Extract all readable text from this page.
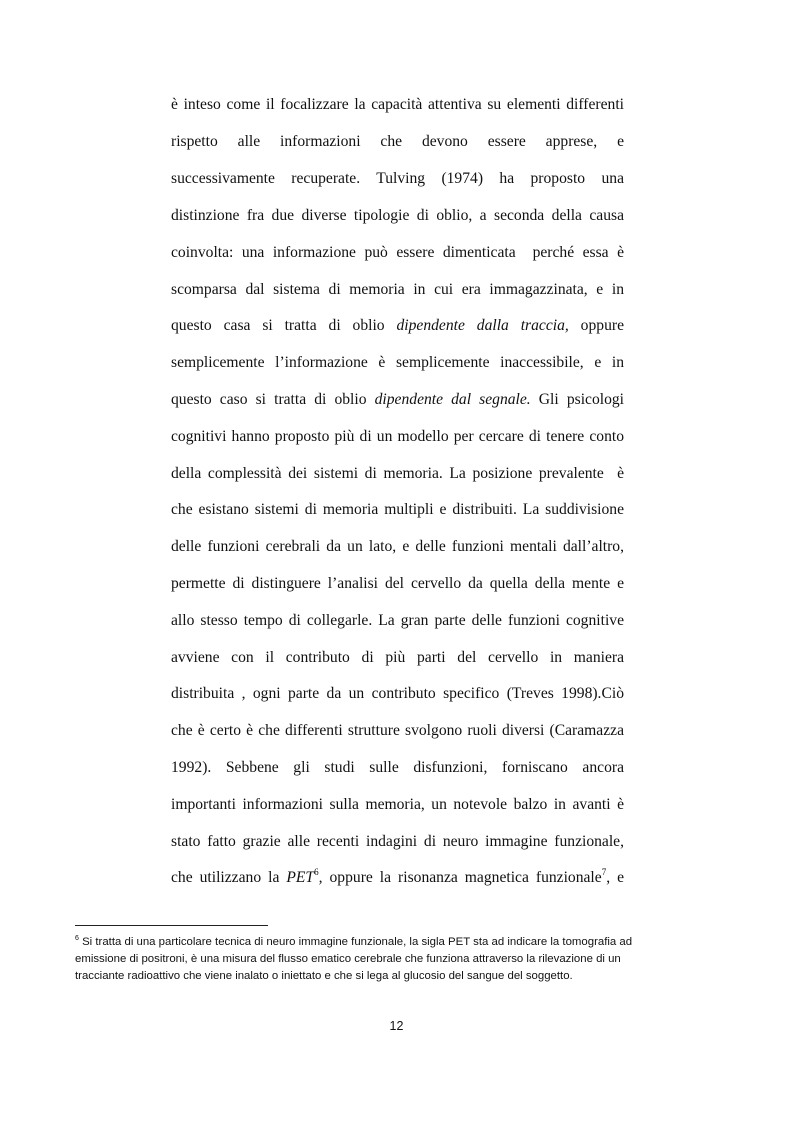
è inteso come il focalizzare la capacità attentiva su elementi differenti
rispetto alle informazioni che devono essere apprese, e
successivamente recuperate. Tulving (1974) ha proposto una
distinzione fra due diverse tipologie di oblio, a seconda della causa
coinvolta: una informazione può essere dimenticata  perché essa è
scomparsa dal sistema di memoria in cui era immagazzinata, e in
questo casa si tratta di oblio dipendente dalla traccia, oppure
semplicemente l’informazione è semplicemente inaccessibile, e in
questo caso si tratta di oblio dipendente dal segnale. Gli psicologi
cognitivi hanno proposto più di un modello per cercare di tenere conto
della complessità dei sistemi di memoria. La posizione prevalente  è
che esistano sistemi di memoria multipli e distribuiti. La suddivisione
delle funzioni cerebrali da un lato, e delle funzioni mentali dall’altro,
permette di distinguere l’analisi del cervello da quella della mente e
allo stesso tempo di collegarle. La gran parte delle funzioni cognitive
avviene con il contributo di più parti del cervello in maniera
distribuita , ogni parte da un contributo specifico (Treves 1998).Ciò
che è certo è che differenti strutture svolgono ruoli diversi (Caramazza
1992). Sebbene gli studi sulle disfunzioni, forniscano ancora
importanti informazioni sulla memoria, un notevole balzo in avanti è
stato fatto grazie alle recenti indagini di neuro immagine funzionale,
che utilizzano la PET$^6$, oppure la risonanza magnetica funzionale$^7$, e
$^6$ Si tratta di una particolare tecnica di neuro immagine funzionale, la sigla PET sta ad indicare la tomografia ad
emissione di positroni, è una misura del flusso ematico cerebrale che funziona attraverso la rilevazione di un
tracciante radioattivo che viene inalato o iniettato e che si lega al glucosio del sangue del soggetto.
12
